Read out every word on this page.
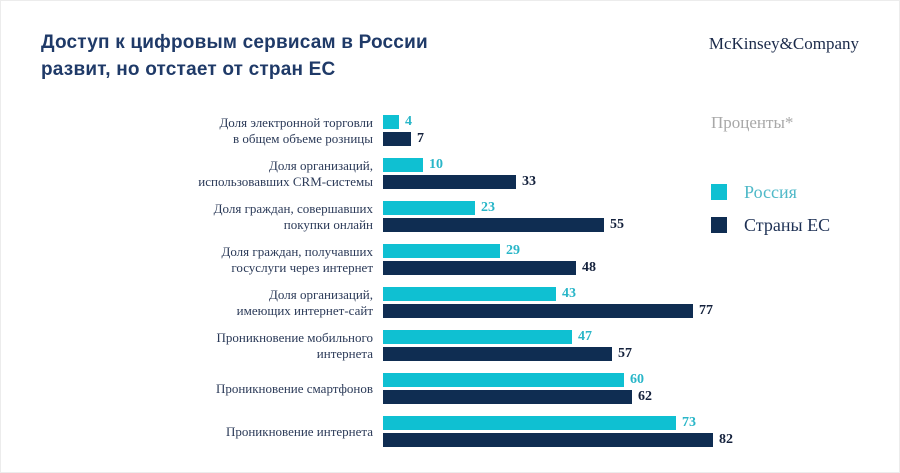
Доступ к цифровым сервисам в России
развит, но отстает от стран ЕС
McKinsey&Company
Доля электронной торговли
в общем объеме розницы
4
7
Доля организаций,
использовавших CRM-системы
10
33
Доля граждан, совершавших
покупки онлайн
23
55
Доля граждан, получавших
госуслуги через интернет
29
48
Доля организаций,
имеющих интернет-сайт
43
77
Проникновение мобильного
интернета
47
57
Проникновение смартфонов
60
62
Проникновение интернета
73
82
Проценты*
Россия
Страны ЕС
